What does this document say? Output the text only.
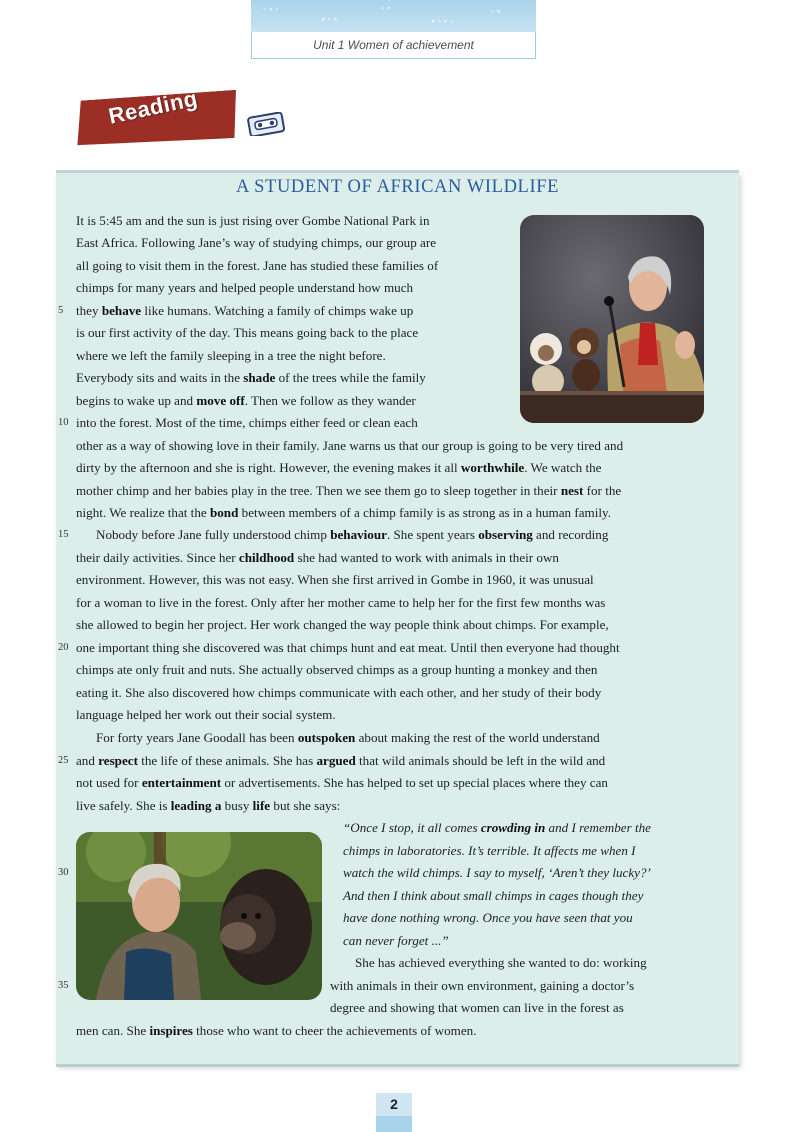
◦ ∘ ◦
∘ ◦ ∘
◦ ∘
∘ ◦ ∘ ◦
◦ ∘
Unit 1 Women of achievement
Reading
A STUDENT OF AFRICAN WILDLIFE
5
10
15
20
25
30
35
It is 5:45 am and the sun is just rising over Gombe National Park in
East Africa. Following Jane’s way of studying chimps, our group are
all going to visit them in the forest. Jane has studied these families of
chimps for many years and helped people understand how much
they behave like humans. Watching a family of chimps wake up
is our first activity of the day. This means going back to the place
where we left the family sleeping in a tree the night before.
Everybody sits and waits in the shade of the trees while the family
begins to wake up and move off. Then we follow as they wander
into the forest. Most of the time, chimps either feed or clean each
other as a way of showing love in their family. Jane warns us that our group is going to be very tired and
dirty by the afternoon and she is right. However, the evening makes it all worthwhile. We watch the
mother chimp and her babies play in the tree. Then we see them go to sleep together in their nest for the
night. We realize that the bond between members of a chimp family is as strong as in a human family.
Nobody before Jane fully understood chimp behaviour. She spent years observing and recording
their daily activities. Since her childhood she had wanted to work with animals in their own
environment. However, this was not easy. When she first arrived in Gombe in 1960, it was unusual
for a woman to live in the forest. Only after her mother came to help her for the first few months was
she allowed to begin her project. Her work changed the way people think about chimps. For example,
one important thing she discovered was that chimps hunt and eat meat. Until then everyone had thought
chimps ate only fruit and nuts. She actually observed chimps as a group hunting a monkey and then
eating it. She also discovered how chimps communicate with each other, and her study of their body
language helped her work out their social system.
For forty years Jane Goodall has been outspoken about making the rest of the world understand
and respect the life of these animals. She has argued that wild animals should be left in the wild and
not used for entertainment or advertisements. She has helped to set up special places where they can
live safely. She is leading a busy life but she says:
“Once I stop, it all comes crowding in and I remember the
chimps in laboratories. It’s terrible. It affects me when I
watch the wild chimps. I say to myself, ‘Aren’t they lucky?’
And then I think about small chimps in cages though they
have done nothing wrong. Once you have seen that you
can never forget ...”
She has achieved everything she wanted to do: working
with animals in their own environment, gaining a doctor’s
degree and showing that women can live in the forest as
men can. She inspires those who want to cheer the achievements of women.
2
